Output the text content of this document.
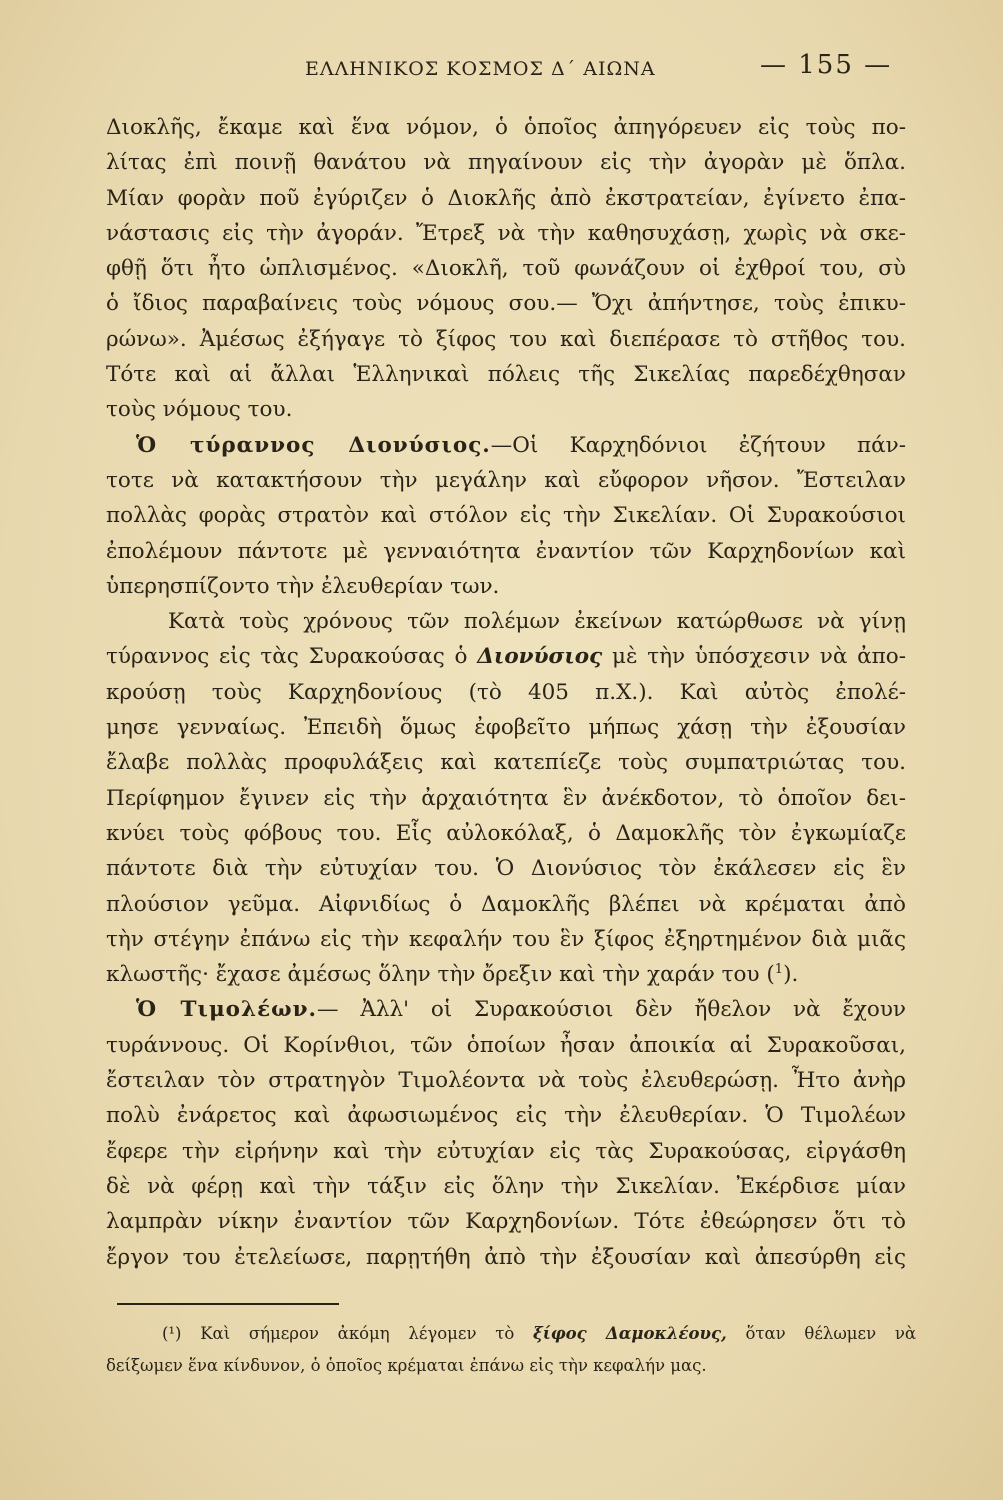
ΕΛΛΗΝΙΚΟΣ ΚΟΣΜΟΣ Δ΄ ΑΙΩΝΑ	— 155 —
Διοκλῆς, ἔκαμε καὶ ἕνα νόμον, ὁ ὁποῖος ἀπηγόρευεν εἰς τοὺς πο-
λίτας ἐπὶ ποινῇ θανάτου νὰ πηγαίνουν εἰς τὴν ἀγορὰν μὲ ὅπλα.
Μίαν φορὰν ποῦ ἐγύριζεν ὁ Διοκλῆς ἀπὸ ἐκστρατείαν, ἐγίνετο ἐπα-
νάστασις εἰς τὴν ἀγοράν. Ἔτρεξ νὰ τὴν καθησυχάσῃ, χωρὶς νὰ σκε-
φθῇ ὅτι ἦτο ὡπλισμένος. «Διοκλῆ, τοῦ φωνάζουν οἱ ἐχθροί του, σὺ
ὁ ἴδιος παραβαίνεις τοὺς νόμους σου.— Ὄχι ἀπήντησε, τοὺς ἐπικυ-
ρώνω». Ἀμέσως ἐξήγαγε τὸ ξίφος του καὶ διεπέρασε τὸ στῆθος του.
Τότε καὶ αἱ ἄλλαι Ἑλληνικαὶ πόλεις τῆς Σικελίας παρεδέχθησαν
τοὺς νόμους του.
Ὁ τύραννος Διονύσιος.—Οἱ Καρχηδόνιοι ἐζήτουν πάν-
τοτε νὰ κατακτήσουν τὴν μεγάλην καὶ εὔφορον νῆσον. Ἔστειλαν
πολλὰς φορὰς στρατὸν καὶ στόλον εἰς τὴν Σικελίαν. Οἱ Συρακούσιοι
ἐπολέμουν πάντοτε μὲ γενναιότητα ἐναντίον τῶν Καρχηδονίων καὶ
ὑπερησπίζοντο τὴν ἐλευθερίαν των.
Κατὰ τοὺς χρόνους τῶν πολέμων ἐκείνων κατώρθωσε νὰ γίνῃ
τύραννος εἰς τὰς Συρακούσας ὁ Διονύσιος μὲ τὴν ὑπόσχεσιν νὰ ἀπο-
κρούσῃ τοὺς Καρχηδονίους (τὸ 405 π.Χ.). Καὶ αὐτὸς ἐπολέ-
μησε γενναίως. Ἐπειδὴ ὅμως ἐφοβεῖτο μήπως χάσῃ τὴν ἐξουσίαν
ἔλαβε πολλὰς προφυλάξεις καὶ κατεπίεζε τοὺς συμπατριώτας του.
Περίφημον ἔγινεν εἰς τὴν ἀρχαιότητα ἓν ἀνέκδοτον, τὸ ὁποῖον δει-
κνύει τοὺς φόβους του. Εἷς αὐλοκόλαξ, ὁ Δαμοκλῆς τὸν ἐγκωμίαζε
πάντοτε διὰ τὴν εὐτυχίαν του. Ὁ Διονύσιος τὸν ἐκάλεσεν εἰς ἓν
πλούσιον γεῦμα. Αἰφνιδίως ὁ Δαμοκλῆς βλέπει νὰ κρέμαται ἀπὸ
τὴν στέγην ἐπάνω εἰς τὴν κεφαλήν του ἓν ξίφος ἐξηρτημένον διὰ μιᾶς
κλωστῆς· ἔχασε ἀμέσως ὅλην τὴν ὄρεξιν καὶ τὴν χαράν του ($^1$).
Ὁ Τιμολέων.— Ἀλλ' οἱ Συρακούσιοι δὲν ἤθελον νὰ ἔχουν
τυράννους. Οἱ Κορίνθιοι, τῶν ὁποίων ἦσαν ἀποικία αἱ Συρακοῦσαι,
ἔστειλαν τὸν στρατηγὸν Τιμολέοντα νὰ τοὺς ἐλευθερώσῃ. Ἦτο ἀνὴρ
πολὺ ἐνάρετος καὶ ἀφωσιωμένος εἰς τὴν ἐλευθερίαν. Ὁ Τιμολέων
ἔφερε τὴν εἰρήνην καὶ τὴν εὐτυχίαν εἰς τὰς Συρακούσας, εἰργάσθη
δὲ νὰ φέρῃ καὶ τὴν τάξιν εἰς ὅλην τὴν Σικελίαν. Ἐκέρδισε μίαν
λαμπρὰν νίκην ἐναντίον τῶν Καρχηδονίων. Τότε ἐθεώρησεν ὅτι τὸ
ἔργον του ἐτελείωσε, παρῃτήθη ἀπὸ τὴν ἐξουσίαν καὶ ἀπεσύρθη εἰς
(¹) Καὶ σήμερον ἀκόμη λέγομεν τὸ ξίφος Δαμοκλέους, ὅταν θέλωμεν νὰ
δείξωμεν ἕνα κίνδυνον, ὁ ὁποῖος κρέμαται ἐπάνω εἰς τὴν κεφαλήν μας.
